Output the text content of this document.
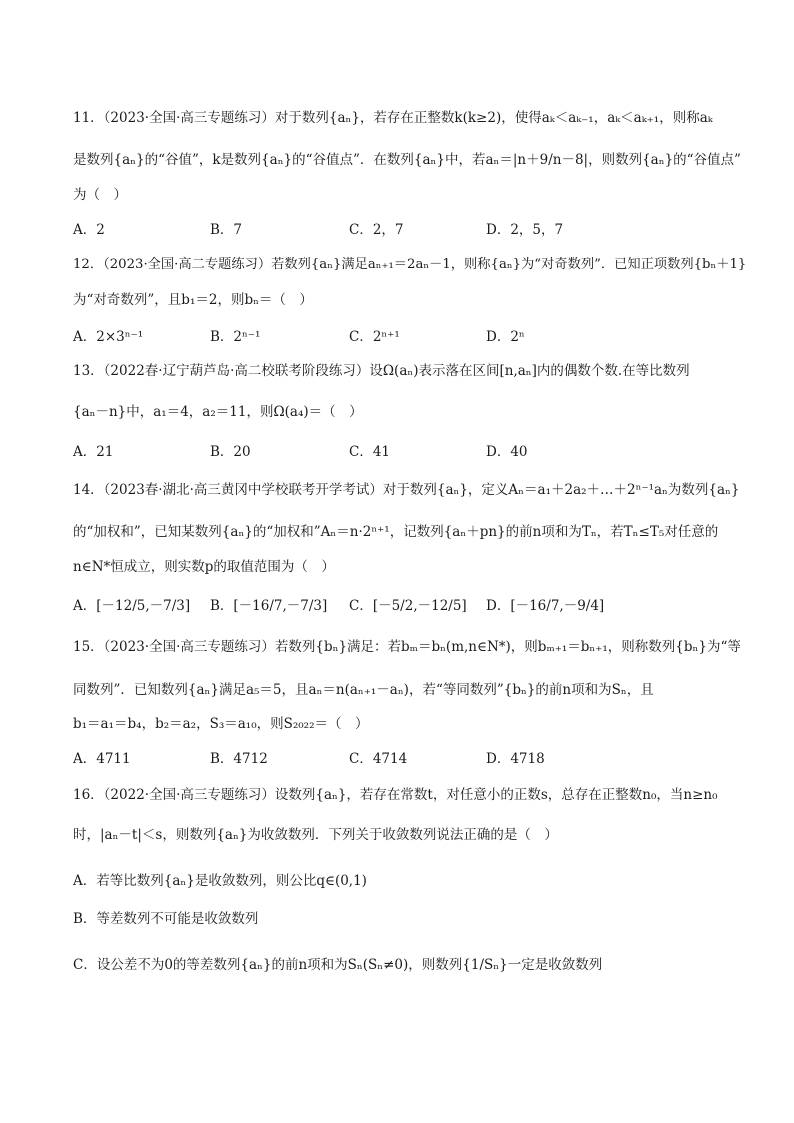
11．（2023·全国·高三专题练习）对于数列{aₙ}，若存在正整数k(k≥2)，使得aₖ＜aₖ₋₁，aₖ＜aₖ₊₁，则称aₖ
是数列{aₙ}的“谷值”，k是数列{aₙ}的“谷值点”．在数列{aₙ}中，若aₙ＝|n＋9/n－8|，则数列{aₙ}的“谷值点”
为（　）
A．2	B．7	C．2，7	D．2，5，7
12．（2023·全国·高二专题练习）若数列{aₙ}满足aₙ₊₁＝2aₙ－1，则称{aₙ}为“对奇数列”．已知正项数列{bₙ＋1}
为“对奇数列”，且b₁＝2，则bₙ＝（　）
A．2×3ⁿ⁻¹	B．2ⁿ⁻¹	C．2ⁿ⁺¹	D．2ⁿ
13．（2022春·辽宁葫芦岛·高二校联考阶段练习）设Ω(aₙ)表示落在区间[n,aₙ]内的偶数个数.在等比数列
{aₙ－n}中，a₁＝4，a₂＝11，则Ω(a₄)＝（　）
A．21	B．20	C．41	D．40
14．（2023春·湖北·高三黄冈中学校联考开学考试）对于数列{aₙ}，定义Aₙ＝a₁＋2a₂＋…＋2ⁿ⁻¹aₙ为数列{aₙ}
的“加权和”，已知某数列{aₙ}的“加权和”Aₙ＝n·2ⁿ⁺¹，记数列{aₙ＋pn}的前n项和为Tₙ，若Tₙ≤T₅对任意的
n∈N*恒成立，则实数p的取值范围为（　）
A．[－12/5,－7/3] B．[－16/7,－7/3] C．[－5/2,－12/5] D．[－16/7,－9/4]
15．（2023·全国·高三专题练习）若数列{bₙ}满足：若bₘ＝bₙ(m,n∈N*)，则bₘ₊₁＝bₙ₊₁，则称数列{bₙ}为“等
同数列”．已知数列{aₙ}满足a₅＝5，且aₙ＝n(aₙ₊₁－aₙ)，若“等同数列”{bₙ}的前n项和为Sₙ，且
b₁＝a₁＝b₄，b₂＝a₂，S₃＝a₁₀，则S₂₀₂₂＝（　）
A．4711	B．4712	C．4714	D．4718
16．（2022·全国·高三专题练习）设数列{aₙ}，若存在常数t，对任意小的正数s，总存在正整数n₀，当n≥n₀
时，|aₙ－t|＜s，则数列{aₙ}为收敛数列．下列关于收敛数列说法正确的是（　）
A．若等比数列{aₙ}是收敛数列，则公比q∈(0,1)
B．等差数列不可能是收敛数列
C．设公差不为0的等差数列{aₙ}的前n项和为Sₙ(Sₙ≠0)，则数列{1/Sₙ}一定是收敛数列
